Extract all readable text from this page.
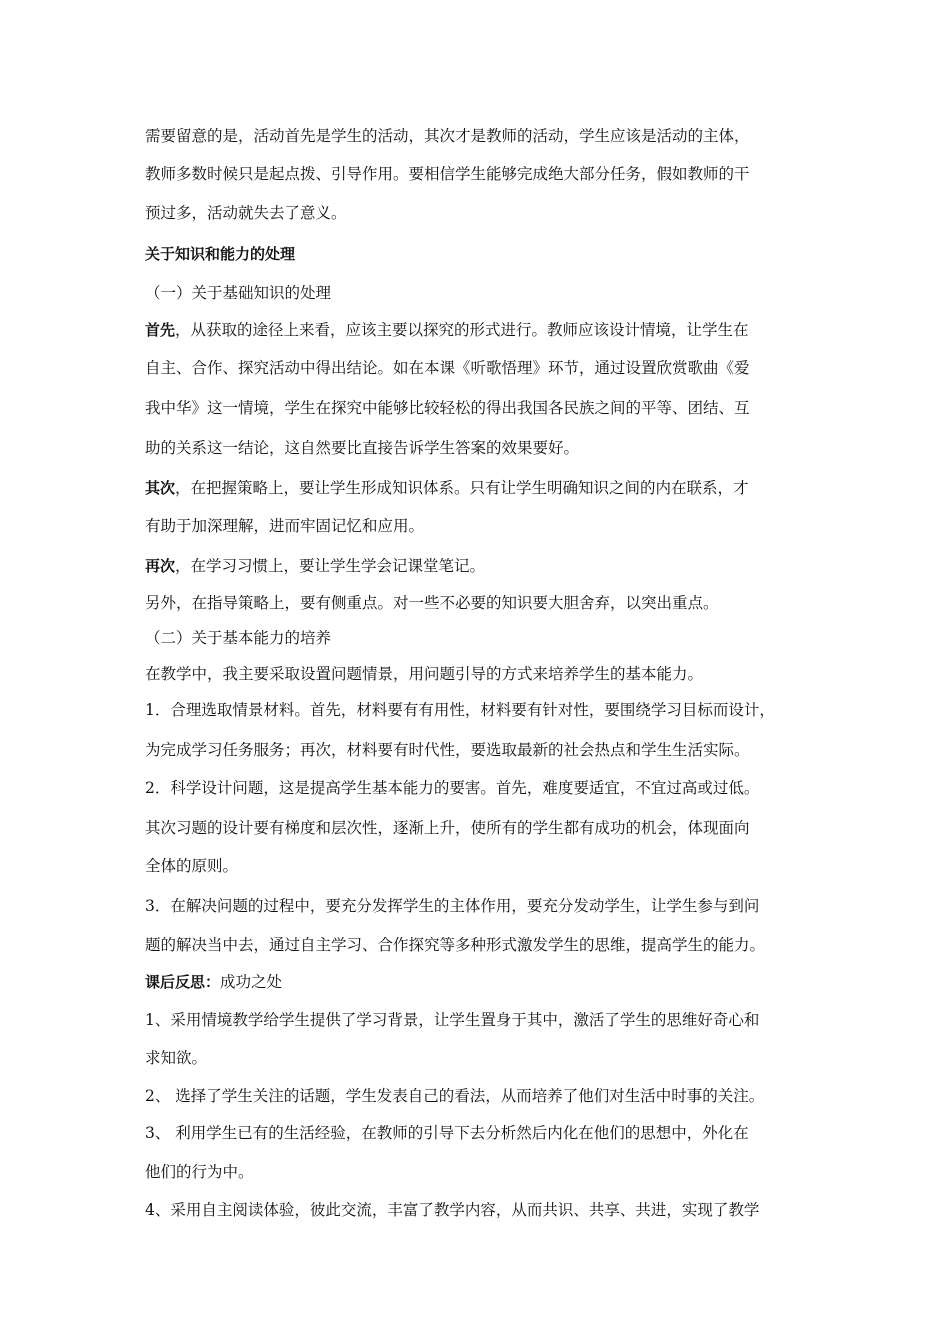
需要留意的是，活动首先是学生的活动，其次才是教师的活动，学生应该是活动的主体，
教师多数时候只是起点拨、引导作用。要相信学生能够完成绝大部分任务，假如教师的干
预过多，活动就失去了意义。
关于知识和能力的处理
（一）关于基础知识的处理
首先，从获取的途径上来看，应该主要以探究的形式进行。教师应该设计情境，让学生在
自主、合作、探究活动中得出结论。如在本课《听歌悟理》环节，通过设置欣赏歌曲《爱
我中华》这一情境，学生在探究中能够比较轻松的得出我国各民族之间的平等、团结、互
助的关系这一结论，这自然要比直接告诉学生答案的效果要好。
其次，在把握策略上，要让学生形成知识体系。只有让学生明确知识之间的内在联系，才
有助于加深理解，进而牢固记忆和应用。
再次，在学习习惯上，要让学生学会记课堂笔记。
另外，在指导策略上，要有侧重点。对一些不必要的知识要大胆舍弃，以突出重点。
（二）关于基本能力的培养
在教学中，我主要采取设置问题情景，用问题引导的方式来培养学生的基本能力。
1．合理选取情景材料。首先，材料要有有用性，材料要有针对性，要围绕学习目标而设计，
为完成学习任务服务；再次，材料要有时代性，要选取最新的社会热点和学生生活实际。
2．科学设计问题，这是提高学生基本能力的要害。首先，难度要适宜，不宜过高或过低。
其次习题的设计要有梯度和层次性，逐渐上升，使所有的学生都有成功的机会，体现面向
全体的原则。
3．在解决问题的过程中，要充分发挥学生的主体作用，要充分发动学生，让学生参与到问
题的解决当中去，通过自主学习、合作探究等多种形式激发学生的思维，提高学生的能力。
课后反思：成功之处
1、采用情境教学给学生提供了学习背景，让学生置身于其中，激活了学生的思维好奇心和
求知欲。
2、 选择了学生关注的话题，学生发表自己的看法，从而培养了他们对生活中时事的关注。
3、 利用学生已有的生活经验，在教师的引导下去分析然后内化在他们的思想中，外化在
他们的行为中。
4、采用自主阅读体验，彼此交流，丰富了教学内容，从而共识、共享、共进，实现了教学
